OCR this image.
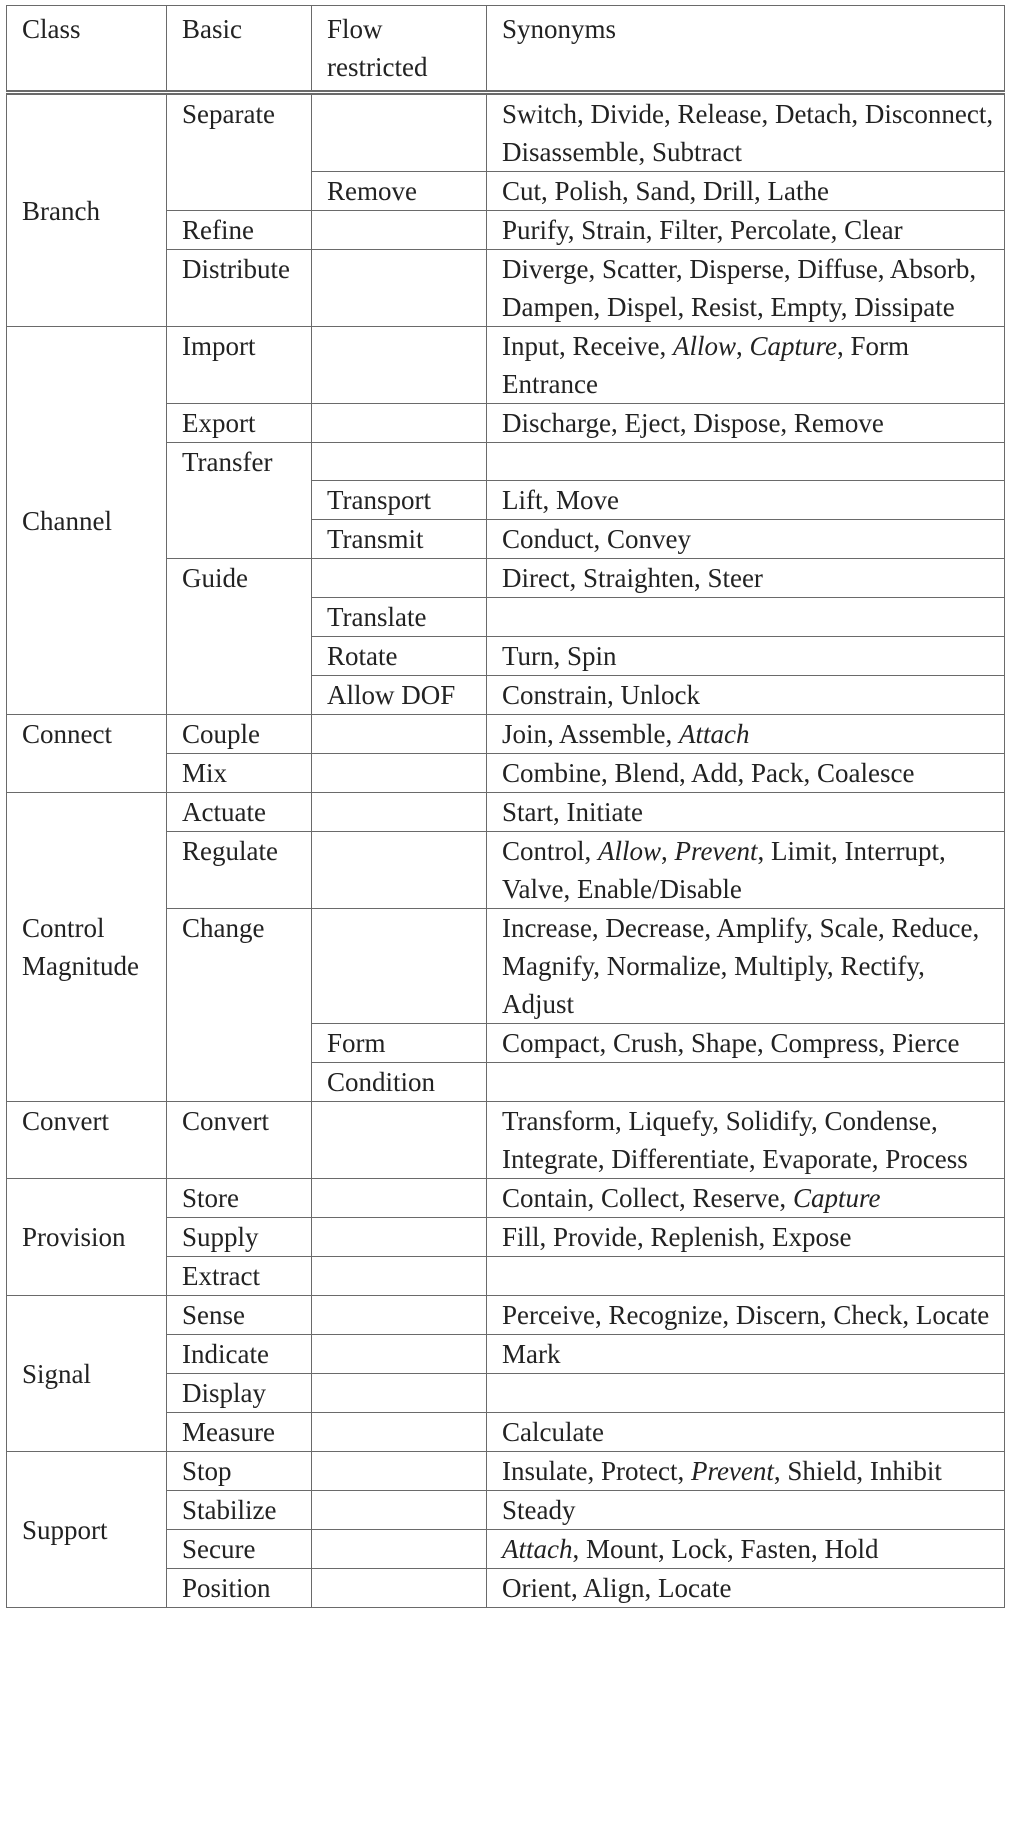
Class	Basic	Flow restricted	Synonyms
Branch	Separate		Switch, Divide, Release, Detach, Disconnect, Disassemble, Subtract
		Remove	Cut, Polish, Sand, Drill, Lathe
	Refine		Purify, Strain, Filter, Percolate, Clear
	Distribute		Diverge, Scatter, Disperse, Diffuse, Absorb, Dampen, Dispel, Resist, Empty, Dissipate
Channel	Import		Input, Receive, Allow, Capture, Form Entrance
	Export		Discharge, Eject, Dispose, Remove
	Transfer		
		Transport	Lift, Move
		Transmit	Conduct, Convey
	Guide		Direct, Straighten, Steer
		Translate	
		Rotate	Turn, Spin
		Allow DOF	Constrain, Unlock
Connect	Couple		Join, Assemble, Attach
	Mix		Combine, Blend, Add, Pack, Coalesce
Control Magnitude	Actuate		Start, Initiate
	Regulate		Control, Allow, Prevent, Limit, Interrupt, Valve, Enable/Disable
	Change		Increase, Decrease, Amplify, Scale, Reduce, Magnify, Normalize, Multiply, Rectify, Adjust
		Form	Compact, Crush, Shape, Compress, Pierce
		Condition	
Convert	Convert		Transform, Liquefy, Solidify, Condense, Integrate, Differentiate, Evaporate, Process
Provision	Store		Contain, Collect, Reserve, Capture
	Supply		Fill, Provide, Replenish, Expose
	Extract		
Signal	Sense		Perceive, Recognize, Discern, Check, Locate
	Indicate		Mark
	Display		
	Measure		Calculate
Support	Stop		Insulate, Protect, Prevent, Shield, Inhibit
	Stabilize		Steady
	Secure		Attach, Mount, Lock, Fasten, Hold
	Position		Orient, Align, Locate
